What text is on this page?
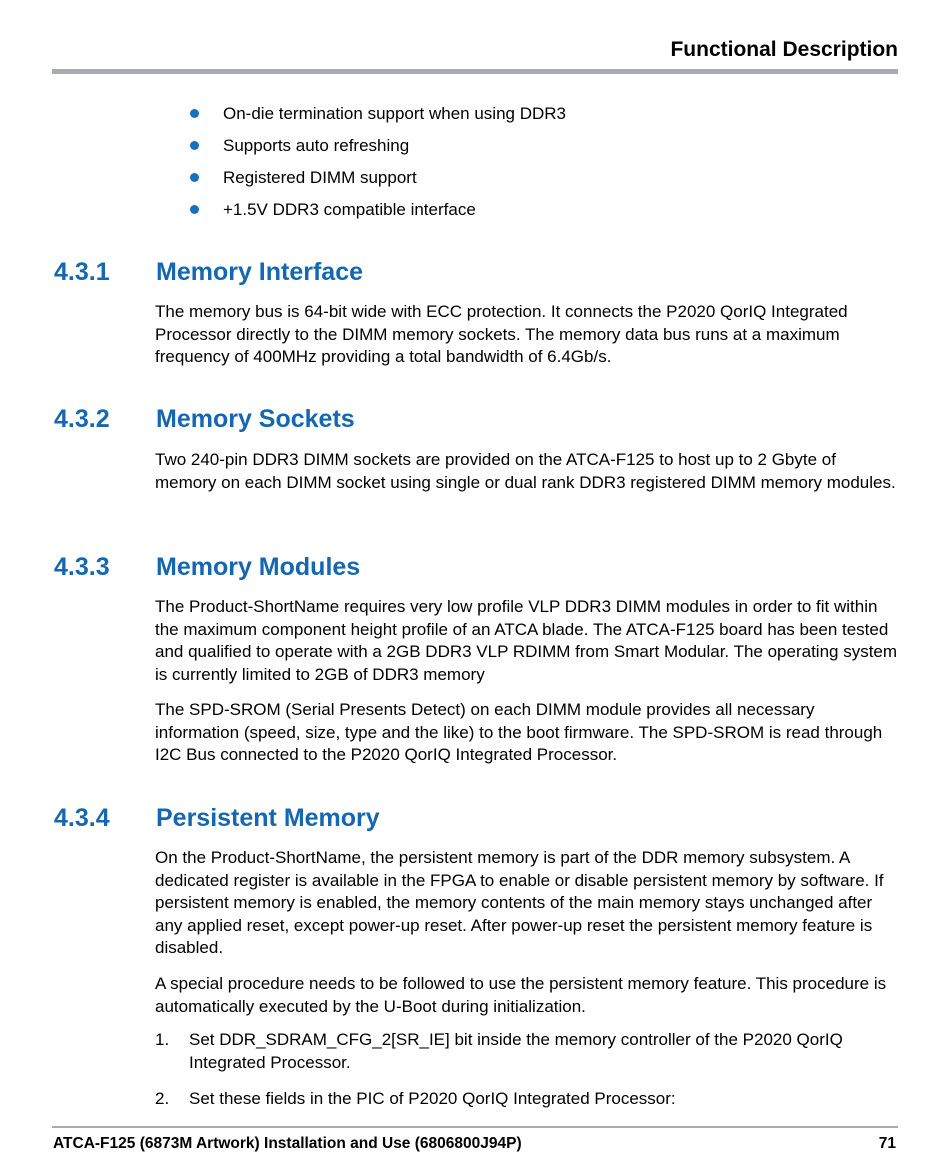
Functional Description
On-die termination support when using DDR3
Supports auto refreshing
Registered DIMM support
+1.5V DDR3 compatible interface
4.3.1 Memory Interface

The memory bus is 64-bit wide with ECC protection. It connects the P2020 QorIQ Integrated Processor directly to the DIMM memory sockets. The memory data bus runs at a maximum frequency of 400MHz providing a total bandwidth of 6.4Gb/s.

4.3.2 Memory Sockets

Two 240-pin DDR3 DIMM sockets are provided on the ATCA-F125 to host up to 2 Gbyte of memory on each DIMM socket using single or dual rank DDR3 registered DIMM memory modules.

4.3.3 Memory Modules

The Product-ShortName requires very low profile VLP DDR3 DIMM modules in order to fit within the maximum component height profile of an ATCA blade. The ATCA-F125 board has been tested and qualified to operate with a 2GB DDR3 VLP RDIMM from Smart Modular. The operating system is currently limited to 2GB of DDR3 memory

The SPD-SROM (Serial Presents Detect) on each DIMM module provides all necessary information (speed, size, type and the like) to the boot firmware. The SPD-SROM is read through I2C Bus connected to the P2020 QorIQ Integrated Processor.

4.3.4 Persistent Memory

On the Product-ShortName, the persistent memory is part of the DDR memory subsystem. A dedicated register is available in the FPGA to enable or disable persistent memory by software. If persistent memory is enabled, the memory contents of the main memory stays unchanged after any applied reset, except power-up reset. After power-up reset the persistent memory feature is disabled.

A special procedure needs to be followed to use the persistent memory feature. This procedure is automatically executed by the U-Boot during initialization.

1. Set DDR_SDRAM_CFG_2[SR_IE] bit inside the memory controller of the P2020 QorIQ Integrated Processor.
2. Set these fields in the PIC of P2020 QorIQ Integrated Processor:
ATCA-F125 (6873M Artwork) Installation and Use (6806800J94P)	71
